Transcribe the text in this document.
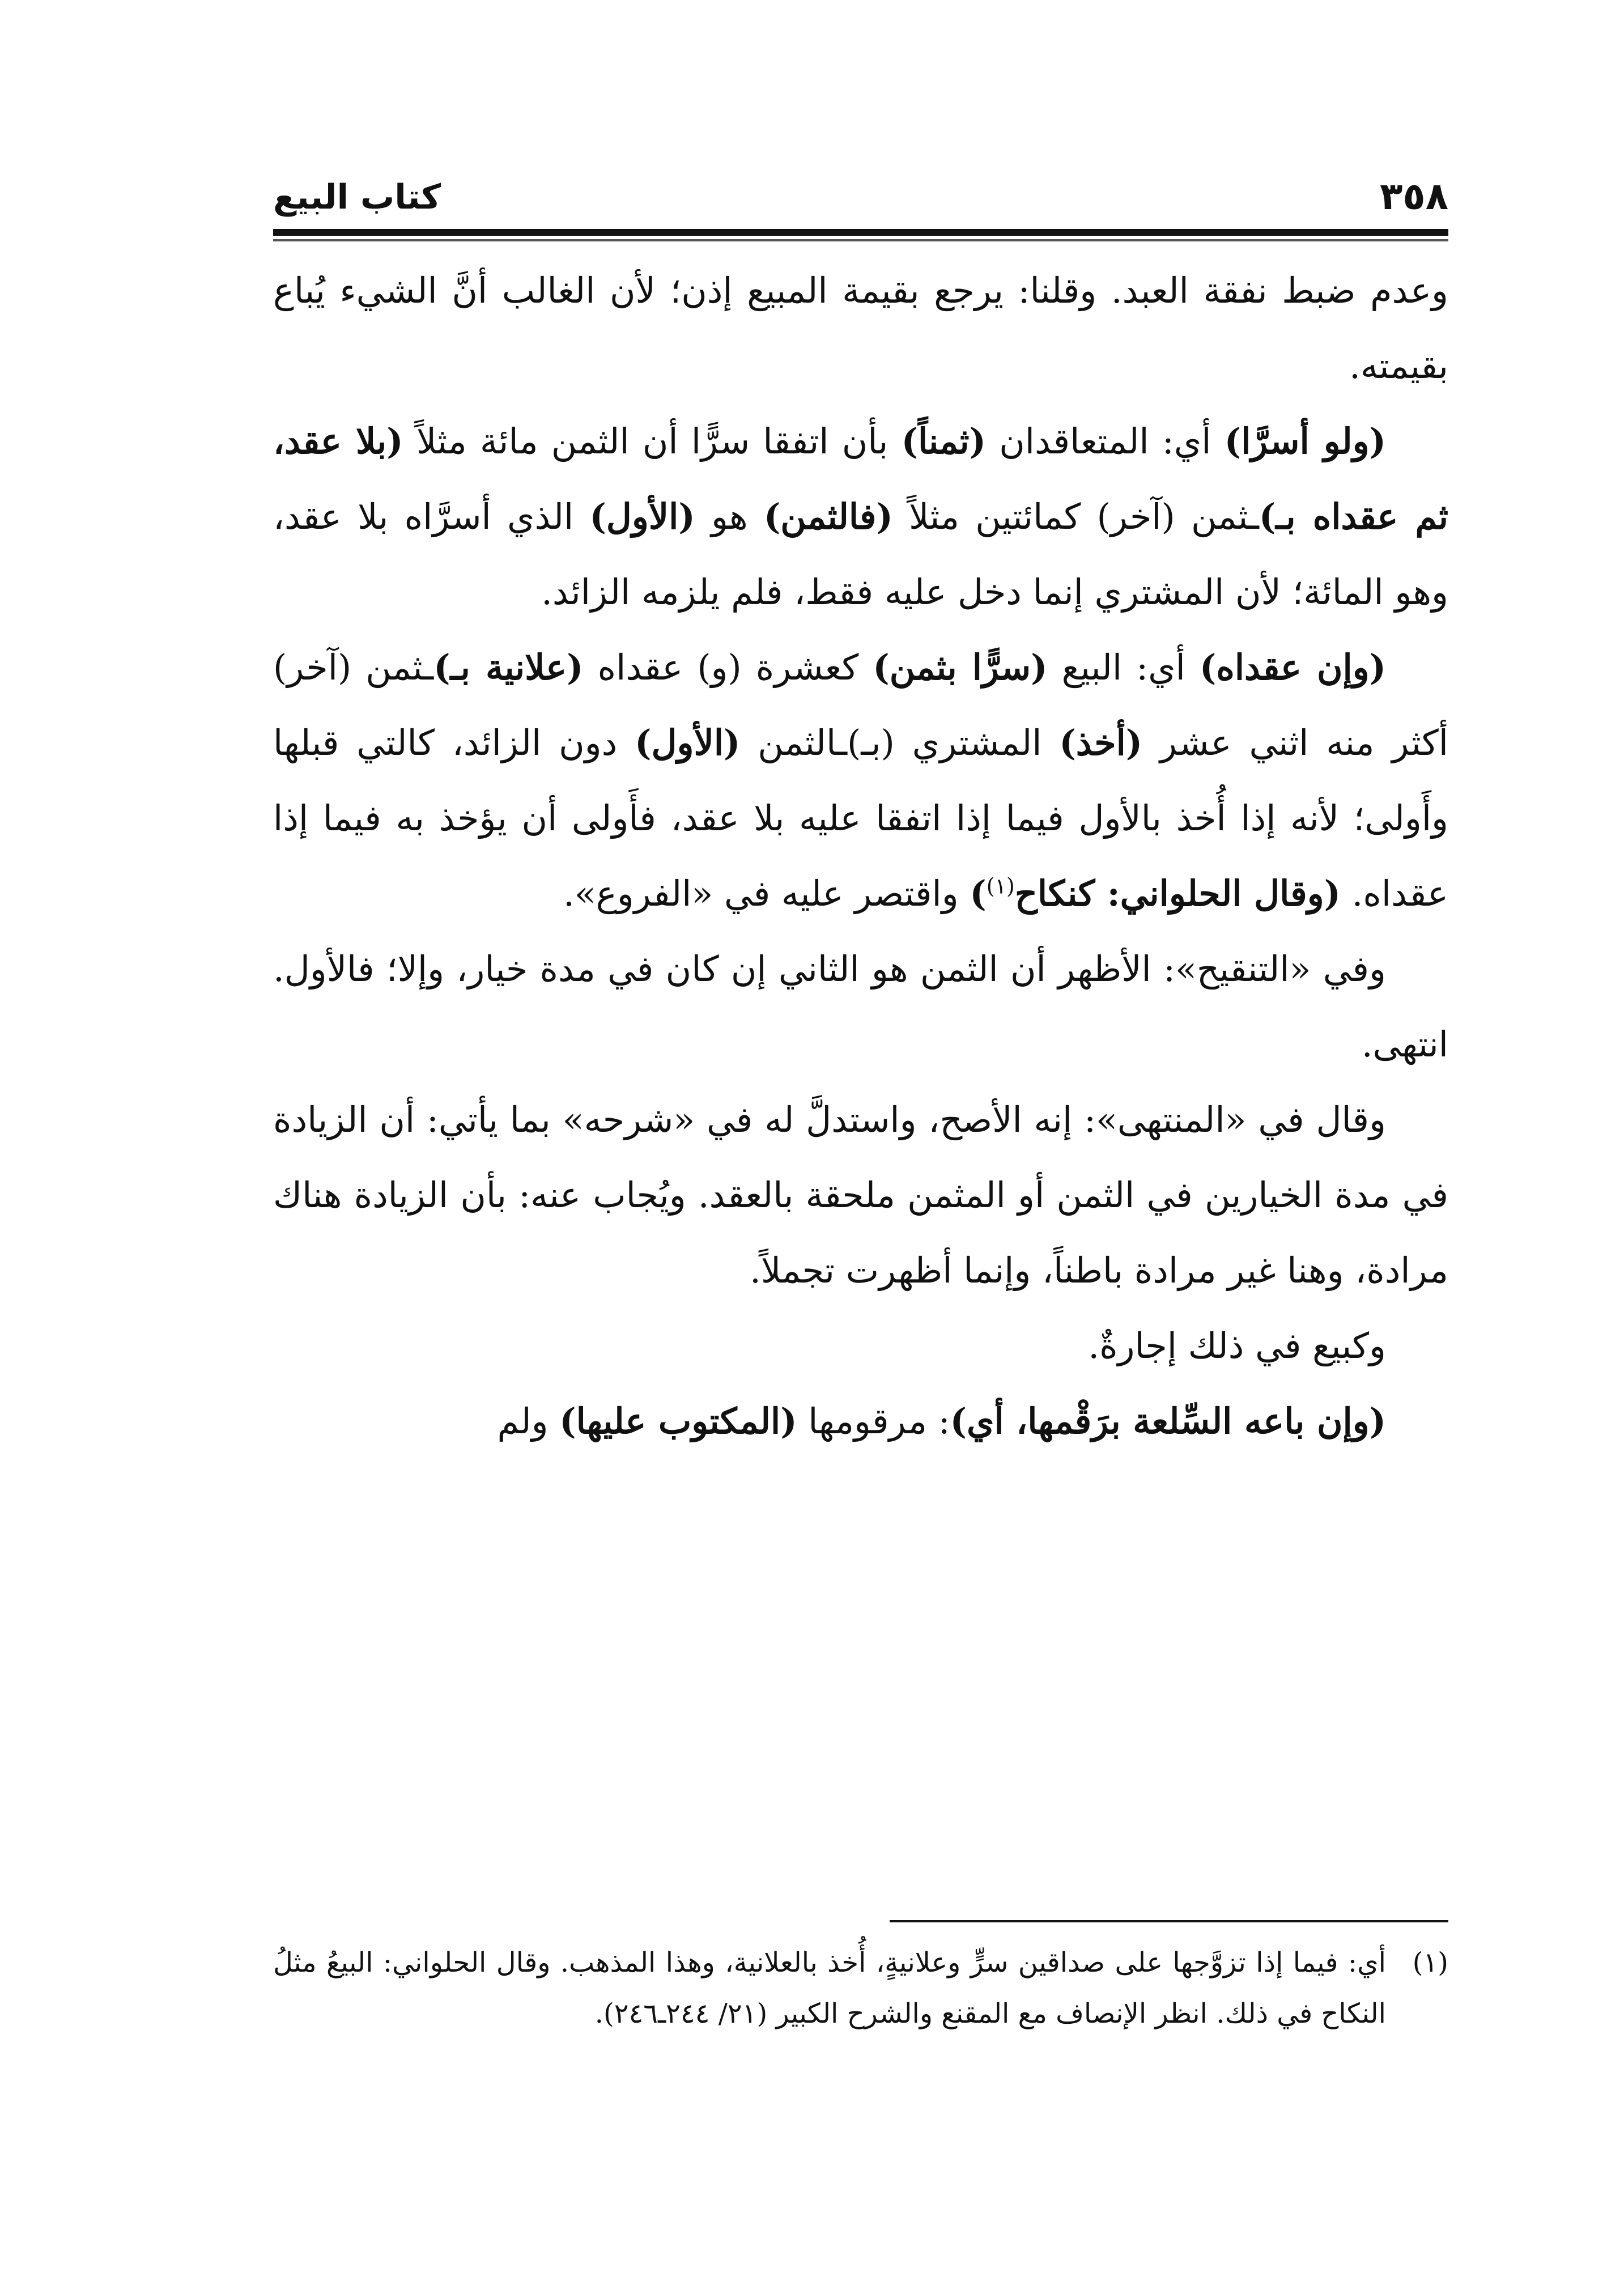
٣٥٨
كتاب البيع

وعدم ضبط نفقة العبد. وقلنا: يرجع بقيمة المبيع إذن؛ لأن الغالب أنَّ الشيء يُباع بقيمته.

(ولو أسرَّا) أي: المتعاقدان (ثمناً) بأن اتفقا سرًّا أن الثمن مائة مثلاً (بلا عقد، ثم عقداه بـ)ـثمن (آخر) كمائتين مثلاً (فالثمن) هو (الأول) الذي أسرَّاه بلا عقد، وهو المائة؛ لأن المشتري إنما دخل عليه فقط، فلم يلزمه الزائد.

(وإن عقداه) أي: البيع (سرًّا بثمن) كعشرة (و) عقداه (علانية بـ)ـثمن (آخر) أكثر منه اثني عشر (أخذ) المشتري (بـ)ـالثمن (الأول) دون الزائد، كالتي قبلها وأَولى؛ لأنه إذا أُخذ بالأول فيما إذا اتفقا عليه بلا عقد، فأَولى أن يؤخذ به فيما إذا عقداه. (وقال الحلواني: كنكاح$^{(١)}$) واقتصر عليه في «الفروع».

وفي «التنقيح»: الأظهر أن الثمن هو الثاني إن كان في مدة خيار، وإلا؛ فالأول. انتهى.

وقال في «المنتهى»: إنه الأصح، واستدلَّ له في «شرحه» بما يأتي: أن الزيادة في مدة الخيارين في الثمن أو المثمن ملحقة بالعقد. ويُجاب عنه: بأن الزيادة هناك مرادة، وهنا غير مرادة باطناً، وإنما أظهرت تجملاً.

وكبيع في ذلك إجارةٌ.

(وإن باعه السِّلعة برَقْمها، أي): مرقومها (المكتوب عليها) ولم

(١)أي: فيما إذا تزوَّجها على صداقين سرٍّ وعلانيةٍ، أُخذ بالعلانية، وهذا المذهب. وقال الحلواني: البيعُ مثلُ النكاح في ذلك. انظر الإنصاف مع المقنع والشرح الكبير (٢١/ ٢٤٤ـ٢٤٦).
